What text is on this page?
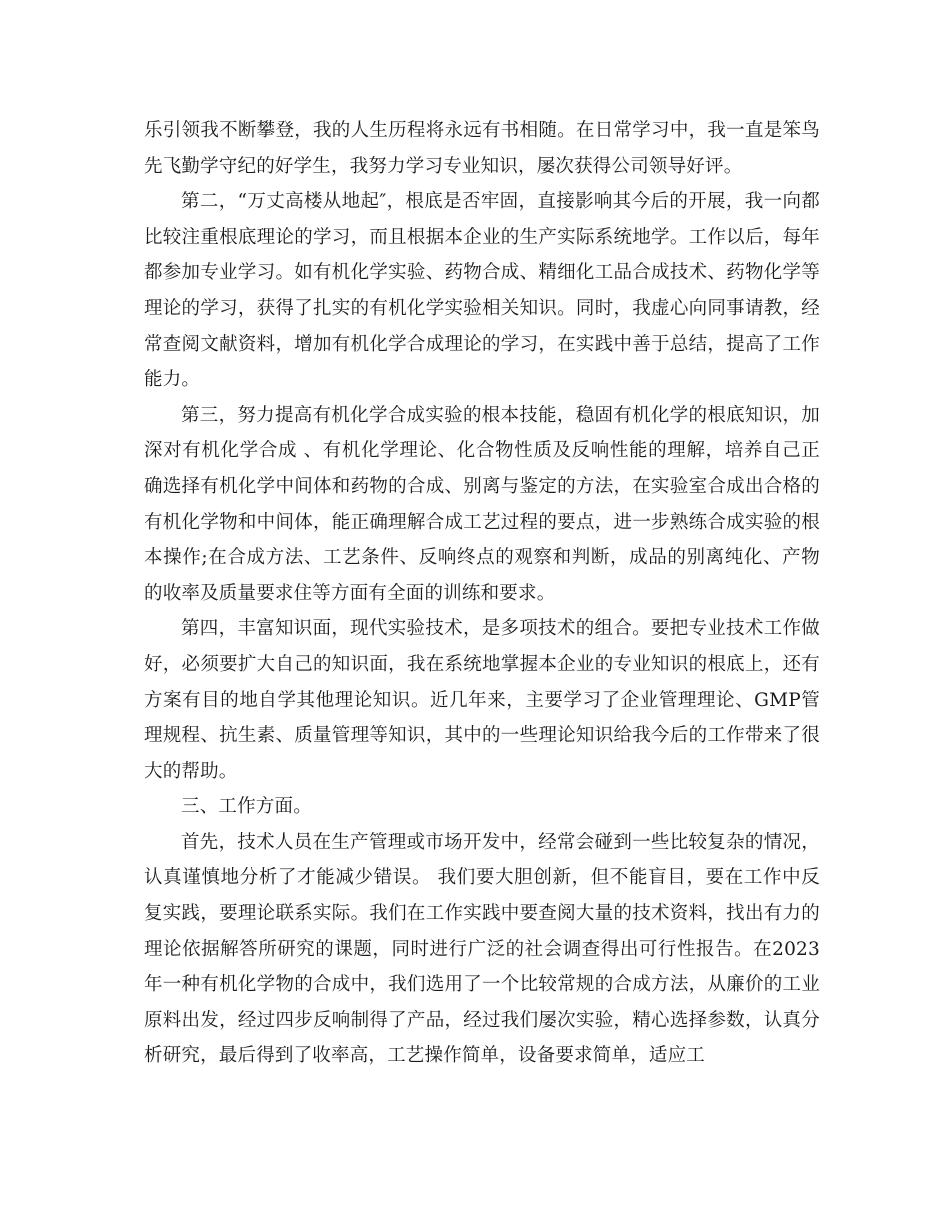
乐引领我不断攀登，我的人生历程将永远有书相随。在日常学习中，我一直是笨鸟先飞勤学守纪的好学生，我努力学习专业知识，屡次获得公司领导好评。

第二，“万丈高楼从地起″，根底是否牢固，直接影响其今后的开展，我一向都比较注重根底理论的学习，而且根据本企业的生产实际系统地学。工作以后，每年都参加专业学习。如有机化学实验、药物合成、精细化工品合成技术、药物化学等理论的学习，获得了扎实的有机化学实验相关知识。同时，我虚心向同事请教，经常查阅文献资料，增加有机化学合成理论的学习，在实践中善于总结，提高了工作能力。

第三，努力提高有机化学合成实验的根本技能，稳固有机化学的根底知识，加深对有机化学合成 、有机化学理论、化合物性质及反响性能的理解，培养自己正确选择有机化学中间体和药物的合成、别离与鉴定的方法，在实验室合成出合格的有机化学物和中间体，能正确理解合成工艺过程的要点，进一步熟练合成实验的根本操作;在合成方法、工艺条件、反响终点的观察和判断，成品的别离纯化、产物的收率及质量要求住等方面有全面的训练和要求。

第四，丰富知识面，现代实验技术，是多项技术的组合。要把专业技术工作做好，必须要扩大自己的知识面，我在系统地掌握本企业的专业知识的根底上，还有方案有目的地自学其他理论知识。近几年来，主要学习了企业管理理论、GMP管理规程、抗生素、质量管理等知识，其中的一些理论知识给我今后的工作带来了很大的帮助。

三、工作方面。

首先，技术人员在生产管理或市场开发中，经常会碰到一些比较复杂的情况，认真谨慎地分析了才能减少错误。 我们要大胆创新，但不能盲目，要在工作中反复实践，要理论联系实际。我们在工作实践中要查阅大量的技术资料，找出有力的理论依据解答所研究的课题，同时进行广泛的社会调查得出可行性报告。在2023年一种有机化学物的合成中，我们选用了一个比较常规的合成方法，从廉价的工业原料出发，经过四步反响制得了产品，经过我们屡次实验，精心选择参数，认真分析研究，最后得到了收率高，工艺操作简单，设备要求简单，适应工
